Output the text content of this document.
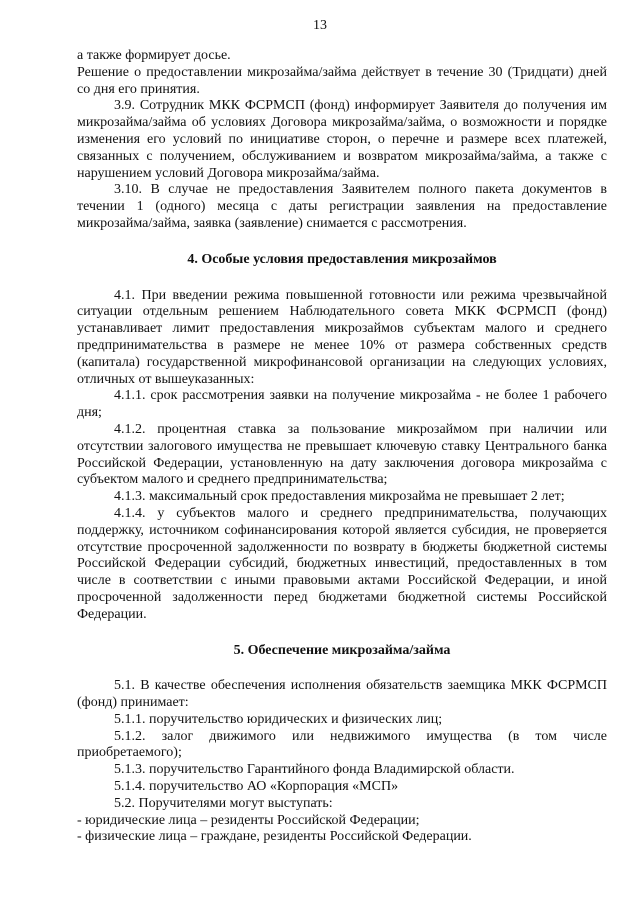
13

а также формирует досье.

Решение о предоставлении микрозайма/займа действует в течение 30 (Тридцати) дней со дня его принятия.

3.9. Сотрудник МКК ФСРМСП (фонд) информирует Заявителя до получения им микрозайма/займа об условиях Договора микрозайма/займа, о возможности и порядке изменения его условий по инициативе сторон, о перечне и размере всех платежей, связанных с получением, обслуживанием и возвратом микрозайма/займа, а также с нарушением условий Договора микрозайма/займа.

3.10. В случае не предоставления Заявителем полного пакета документов в течении 1 (одного) месяца с даты регистрации заявления на предоставление микрозайма/займа, заявка (заявление) снимается с рассмотрения.

4. Особые условия предоставления микрозаймов

4.1. При введении режима повышенной готовности или режима чрезвычайной ситуации отдельным решением Наблюдательного совета МКК ФСРМСП (фонд) устанавливает лимит предоставления микрозаймов субъектам малого и среднего предпринимательства в размере не менее 10% от размера собственных средств (капитала) государственной микрофинансовой организации на следующих условиях, отличных от вышеуказанных:

4.1.1. срок рассмотрения заявки на получение микрозайма - не более 1 рабочего дня;

4.1.2. процентная ставка за пользование микрозаймом при наличии или отсутствии залогового имущества не превышает ключевую ставку Центрального банка Российской Федерации, установленную на дату заключения договора микрозайма с субъектом малого и среднего предпринимательства;

4.1.3. максимальный срок предоставления микрозайма не превышает 2 лет;

4.1.4. у субъектов малого и среднего предпринимательства, получающих поддержку, источником софинансирования которой является субсидия, не проверяется отсутствие просроченной задолженности по возврату в бюджеты бюджетной системы Российской Федерации субсидий, бюджетных инвестиций, предоставленных в том числе в соответствии с иными правовыми актами Российской Федерации, и иной просроченной задолженности перед бюджетами бюджетной системы Российской Федерации.

5. Обеспечение микрозайма/займа

5.1. В качестве обеспечения исполнения обязательств заемщика МКК ФСРМСП (фонд) принимает:

5.1.1. поручительство юридических и физических лиц;

5.1.2. залог движимого или недвижимого имущества (в том числе приобретаемого);

5.1.3. поручительство Гарантийного фонда Владимирской области.

5.1.4. поручительство АО «Корпорация «МСП»

5.2. Поручителями могут выступать:

- юридические лица – резиденты Российской Федерации;

- физические лица – граждане, резиденты Российской Федерации.
